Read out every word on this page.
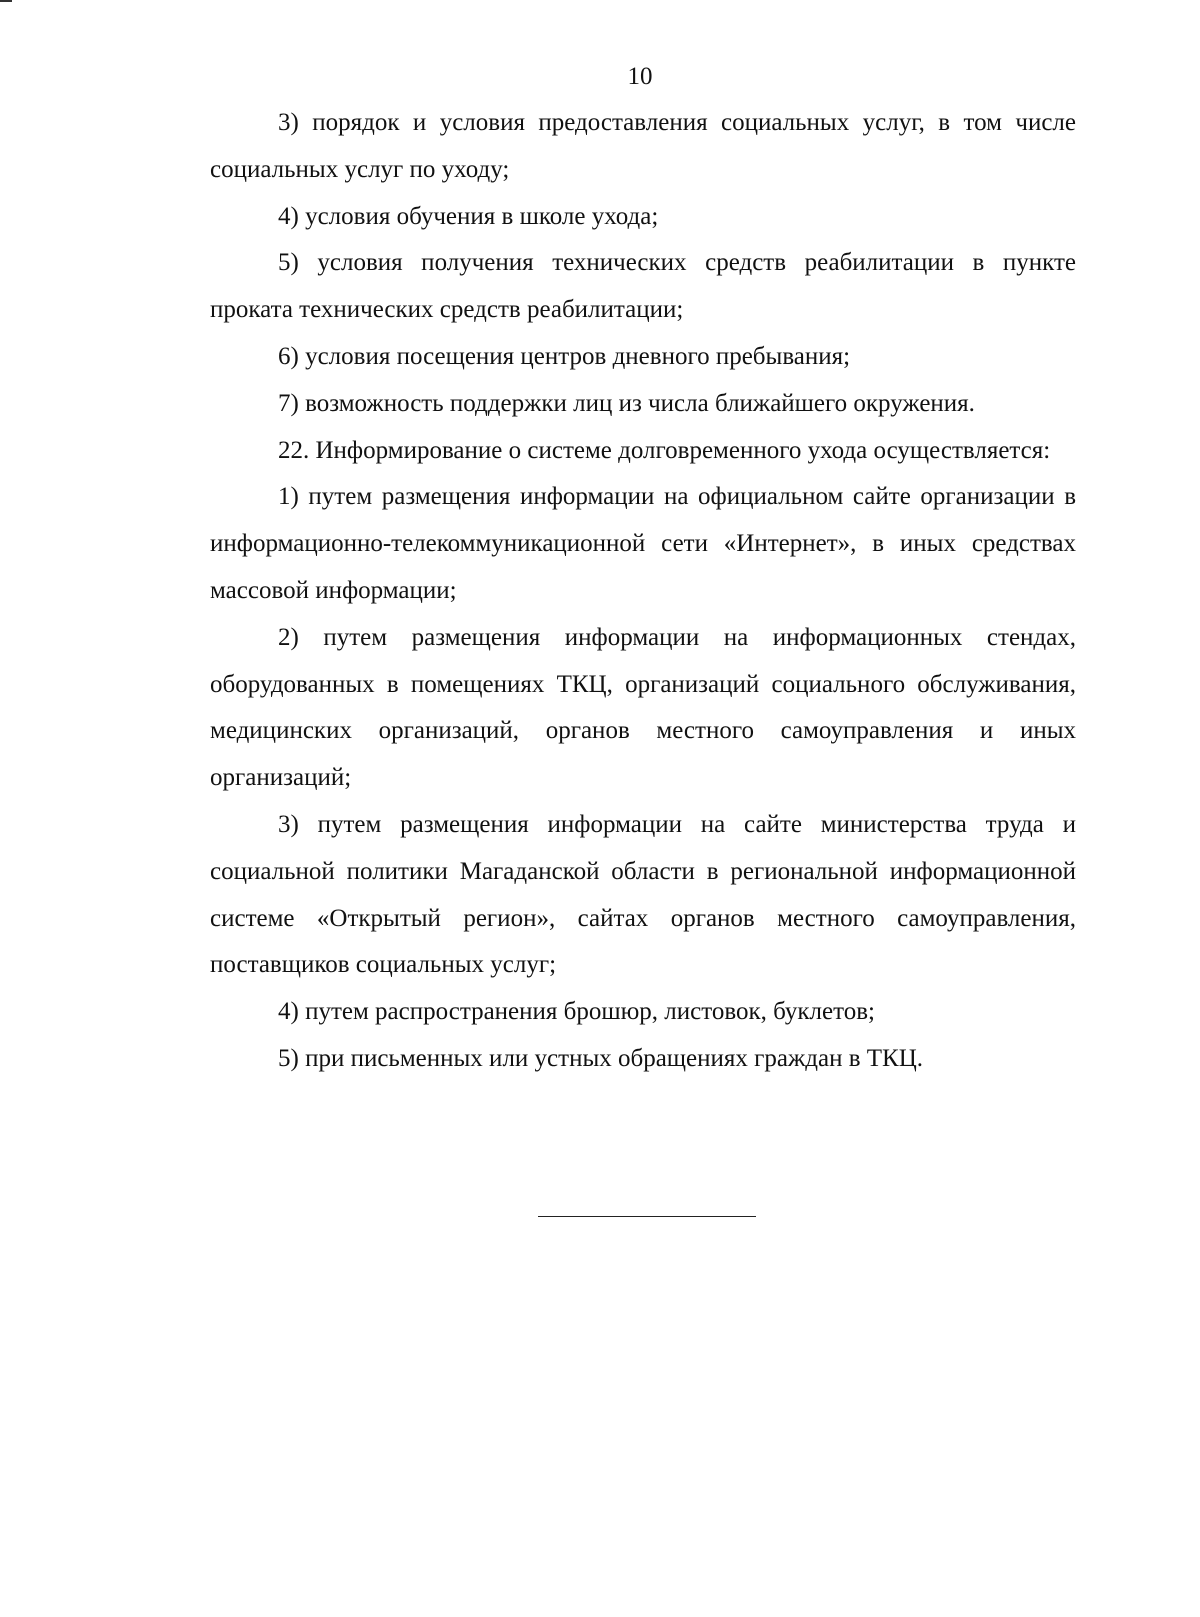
10

3) порядок и условия предоставления социальных услуг, в том числе социальных услуг по уходу;

4) условия обучения в школе ухода;

5) условия получения технических средств реабилитации в пункте проката технических средств реабилитации;

6) условия посещения центров дневного пребывания;

7) возможность поддержки лиц из числа ближайшего окружения.

22. Информирование о системе долговременного ухода осуществляется:

1) путем размещения информации на официальном сайте организации в информационно-телекоммуникационной сети «Интернет», в иных средствах массовой информации;

2) путем размещения информации на информационных стендах, оборудованных в помещениях ТКЦ, организаций социального обслуживания, медицинских организаций, органов местного самоуправления и иных организаций;

3) путем размещения информации на сайте министерства труда и социальной политики Магаданской области в региональной информационной системе «Открытый регион», сайтах органов местного самоуправления, поставщиков социальных услуг;

4) путем распространения брошюр, листовок, буклетов;

5) при письменных или устных обращениях граждан в ТКЦ.
